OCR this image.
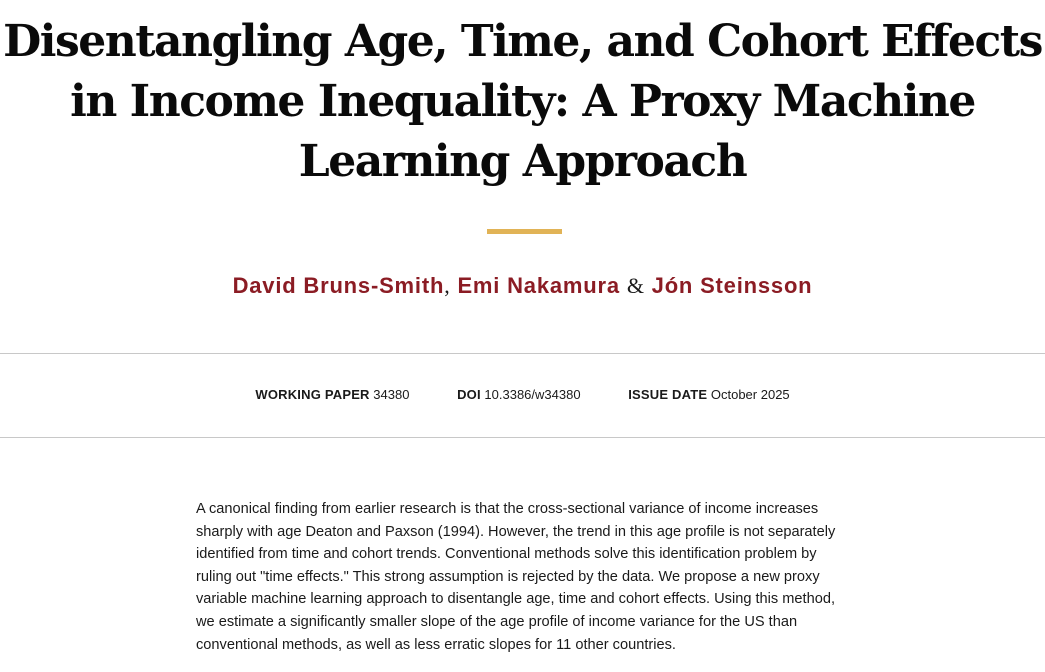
Disentangling Age, Time, and Cohort Effects in Income Inequality: A Proxy Machine Learning Approach
David Bruns-Smith, Emi Nakamura & Jón Steinsson
WORKING PAPER 34380	DOI 10.3386/w34380	ISSUE DATE October 2025

A canonical finding from earlier research is that the cross-sectional variance of income increases sharply with age Deaton and Paxson (1994). However, the trend in this age profile is not separately identified from time and cohort trends. Conventional methods solve this identification problem by ruling out "time effects." This strong assumption is rejected by the data. We propose a new proxy variable machine learning approach to disentangle age, time and cohort effects. Using this method, we estimate a significantly smaller slope of the age profile of income variance for the US than conventional methods, as well as less erratic slopes for 11 other countries.
